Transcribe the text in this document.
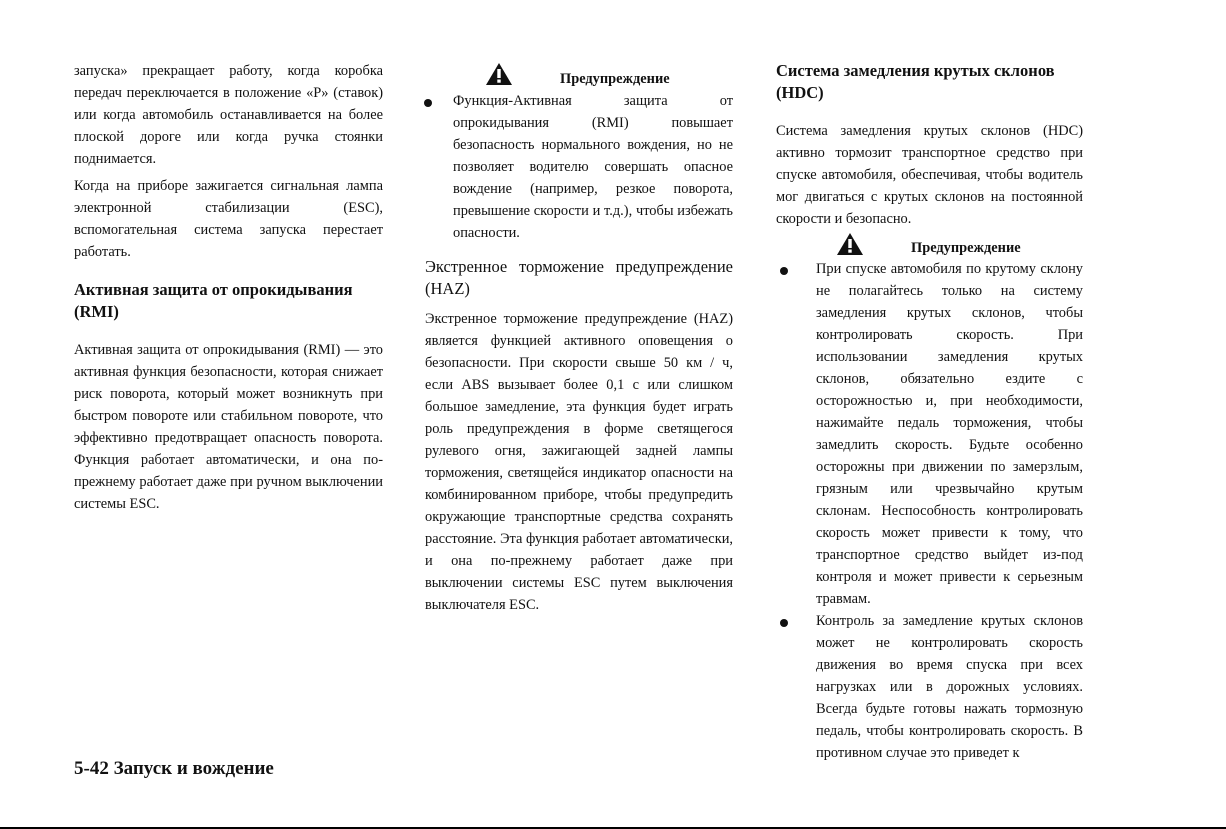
запуска» прекращает работу, когда коробка передач переключается в положение «P» (ставок) или когда автомобиль останавливается на более плоской дороге или когда ручка стоянки поднимается.

Когда на приборе зажигается сигнальная лампа электронной стабилизации (ESC), вспомогательная система запуска перестает работать.

Активная защита от опрокидывания (RMI)

Активная защита от опрокидывания (RMI) — это активная функция безопасности, которая снижает риск поворота, который может возникнуть при быстром повороте или стабильном повороте, что эффективно предотвращает опасность поворота. Функция работает автоматически, и она по-прежнему работает даже при ручном выключении системы ESC.

Предупреждение
Функция-Активная защита от опрокидывания (RMI) повышает безопасность нормального вождения, но не позволяет водителю совершать опасное вождение (например, резкое поворота, превышение скорости и т.д.), чтобы избежать опасности.
Экстренное торможение предупреждение (HAZ)

Экстренное торможение предупреждение (HAZ) является функцией активного оповещения о безопасности. При скорости свыше 50 км / ч, если ABS вызывает более 0,1 с или слишком большое замедление, эта функция будет играть роль предупреждения в форме светящегося рулевого огня, зажигающей задней лампы торможения, светящейся индикатор опасности на комбинированном приборе, чтобы предупредить окружающие транспортные средства сохранять расстояние. Эта функция работает автоматически, и она по-прежнему работает даже при выключении системы ESC путем выключения выключателя ESC.

Система замедления крутых склонов (HDC)

Система замедления крутых склонов (HDC) активно тормозит транспортное средство при спуске автомобиля, обеспечивая, чтобы водитель мог двигаться с крутых склонов на постоянной скорости и безопасно.

Предупреждение
При спуске автомобиля по крутому склону не полагайтесь только на систему замедления крутых склонов, чтобы контролировать скорость. При использовании замедления крутых склонов, обязательно ездите с осторожностью и, при необходимости, нажимайте педаль торможения, чтобы замедлить скорость. Будьте особенно осторожны при движении по замерзлым, грязным или чрезвычайно крутым склонам. Неспособность контролировать скорость может привести к тому, что транспортное средство выйдет из-под контроля и может привести к серьезным травмам.
Контроль за замедление крутых склонов может не контролировать скорость движения во время спуска при всех нагрузках или в дорожных условиях. Всегда будьте готовы нажать тормозную педаль, чтобы контролировать скорость. В противном случае это приведет к
5-42 Запуск и вождение
